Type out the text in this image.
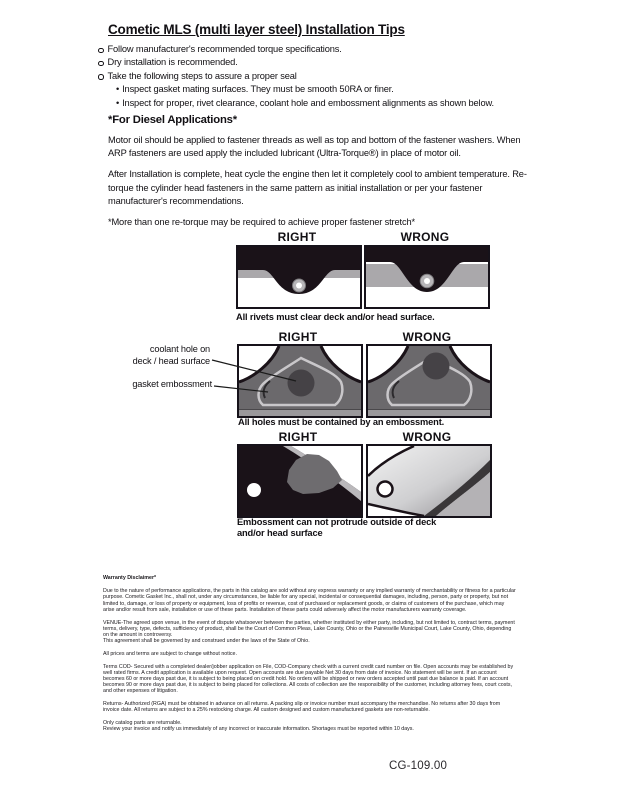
Cometic MLS (multi layer steel) Installation Tips
Follow manufacturer's recommended torque specifications.
Dry installation is recommended.
Take the following steps to assure a proper seal
• Inspect gasket mating surfaces. They must be smooth 50RA or finer.
• Inspect for proper, rivet clearance, coolant hole and embossment alignments as shown below.
*For Diesel Applications*

Motor oil should be applied to fastener threads as well as top and bottom of the fastener washers. When ARP fasteners are used apply the included lubricant (Ultra-Torque®) in place of motor oil.

After Installation is complete, heat cycle the engine then let it completely cool to ambient temperature. Re-torque the cylinder head fasteners in the same pattern as initial installation or per your fastener manufacturer's recommendations.

*More than one re-torque may be required to achieve proper fastener stretch*

RIGHT	WRONG
All rivets must clear deck and/or head surface.
RIGHT	WRONG
coolant hole on
deck / head surface
gasket embossment
All holes must be contained by an embossment.
RIGHT	WRONG
Embossment can not protrude outside of deck
and/or head surface

Warranty Disclaimer*

Due to the nature of performance applications, the parts in this catalog are sold without any express warranty or any implied warranty of merchantability or fitness for a particular purpose. Cometic Gasket Inc., shall not, under any circumstances, be liable for any special, incidental or consequential damages, including, person, party or property, but not limited to, damage, or loss of property or equipment, loss of profits or revenue, cost of purchased or replacement goods, or claims of customers of the purchase, which may arise and/or result from sale, installation or use of these parts. Installation of these parts could adversely affect the motor manufacturers warranty coverage.

VENUE-The agreed upon venue, in the event of dispute whatsoever between the parties, whether instituted by either party, including, but not limited to, contract terms, payment terms, delivery, type, defects, sufficiency of product, shall be the Court of Common Pleas, Lake County, Ohio or the Painesville Municipal Court, Lake County, Ohio, depending on the amount in controversy.

This agreement shall be governed by and construed under the laws of the State of Ohio.

All prices and terms are subject to change without notice.

Terms COD- Secured with a completed dealer/jobber application on File, COD-Company check with a current credit card number on file. Open accounts may be established by well rated firms. A credit application is available upon request. Open accounts are due payable Net 30 days from date of invoice. No statement will be sent. If an account becomes 60 or more days past due, it is subject to being placed on credit hold. No orders will be shipped or new orders accepted until past due balance is paid. If an account becomes 90 or more days past due, it is subject to being placed for collections. All costs of collection are the responsibility of the customer, including attorney fees, court costs, and other expenses of litigation.

Returns- Authorized (RGA) must be obtained in advance on all returns. A packing slip or invoice number must accompany the merchandise. No returns after 30 days from invoice date. All returns are subject to a 25% restocking charge. All custom designed and custom manufactured gaskets are non-returnable.

Only catalog parts are returnable.

Review your invoice and notify us immediately of any incorrect or inaccurate information. Shortages must be reported within 10 days.

CG-109.00
